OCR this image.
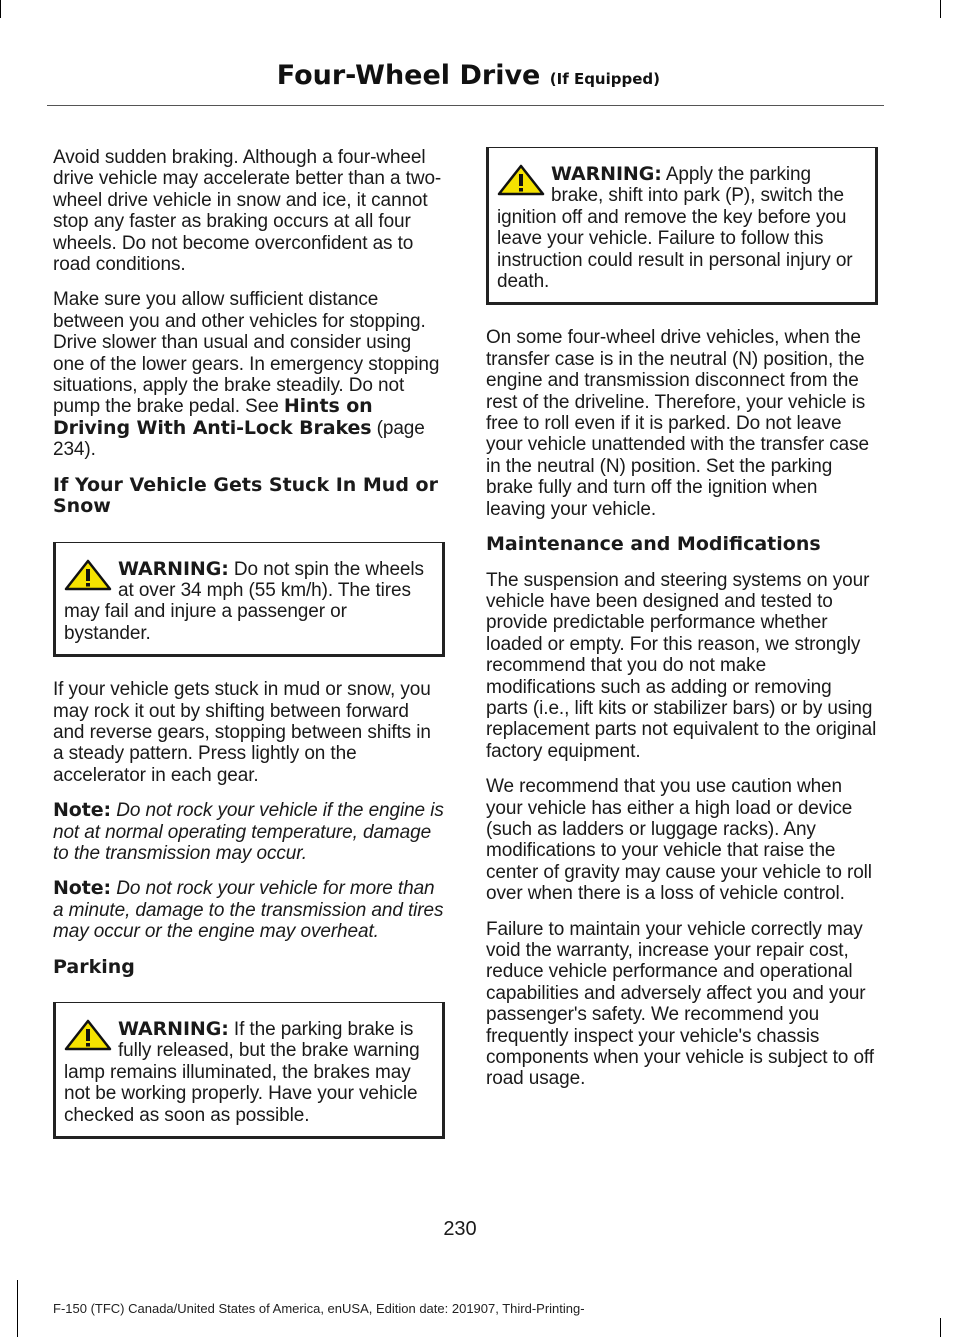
Four-Wheel Drive (If Equipped)

Avoid sudden braking. Although a four-wheel drive vehicle may accelerate better than a two-wheel drive vehicle in snow and ice, it cannot stop any faster as braking occurs at all four wheels. Do not become overconfident as to road conditions.

Make sure you allow sufficient distance between you and other vehicles for stopping. Drive slower than usual and consider using one of the lower gears. In emergency stopping situations, apply the brake steadily. Do not pump the brake pedal. See Hints on Driving With Anti-Lock Brakes (page 234).

If Your Vehicle Gets Stuck In Mud or Snow

WARNING: Do not spin the wheels at over 34 mph (55 km/h). The tires may fail and injure a passenger or bystander.

If your vehicle gets stuck in mud or snow, you may rock it out by shifting between forward and reverse gears, stopping between shifts in a steady pattern. Press lightly on the accelerator in each gear.

Note: Do not rock your vehicle if the engine is not at normal operating temperature, damage to the transmission may occur.

Note: Do not rock your vehicle for more than a minute, damage to the transmission and tires may occur or the engine may overheat.

Parking

WARNING: If the parking brake is fully released, but the brake warning lamp remains illuminated, the brakes may not be working properly. Have your vehicle checked as soon as possible.

WARNING: Apply the parking brake, shift into park (P), switch the ignition off and remove the key before you leave your vehicle. Failure to follow this instruction could result in personal injury or death.

On some four-wheel drive vehicles, when the transfer case is in the neutral (N) position, the engine and transmission disconnect from the rest of the driveline. Therefore, your vehicle is free to roll even if it is parked. Do not leave your vehicle unattended with the transfer case in the neutral (N) position. Set the parking brake fully and turn off the ignition when leaving your vehicle.

Maintenance and Modifications

The suspension and steering systems on your vehicle have been designed and tested to provide predictable performance whether loaded or empty. For this reason, we strongly recommend that you do not make modifications such as adding or removing parts (i.e., lift kits or stabilizer bars) or by using replacement parts not equivalent to the original factory equipment.

We recommend that you use caution when your vehicle has either a high load or device (such as ladders or luggage racks). Any modifications to your vehicle that raise the center of gravity may cause your vehicle to roll over when there is a loss of vehicle control.

Failure to maintain your vehicle correctly may void the warranty, increase your repair cost, reduce vehicle performance and operational capabilities and adversely affect you and your passenger's safety. We recommend you frequently inspect your vehicle's chassis components when your vehicle is subject to off road usage.

230
F-150 (TFC) Canada/United States of America, enUSA, Edition date: 201907, Third-Printing-
